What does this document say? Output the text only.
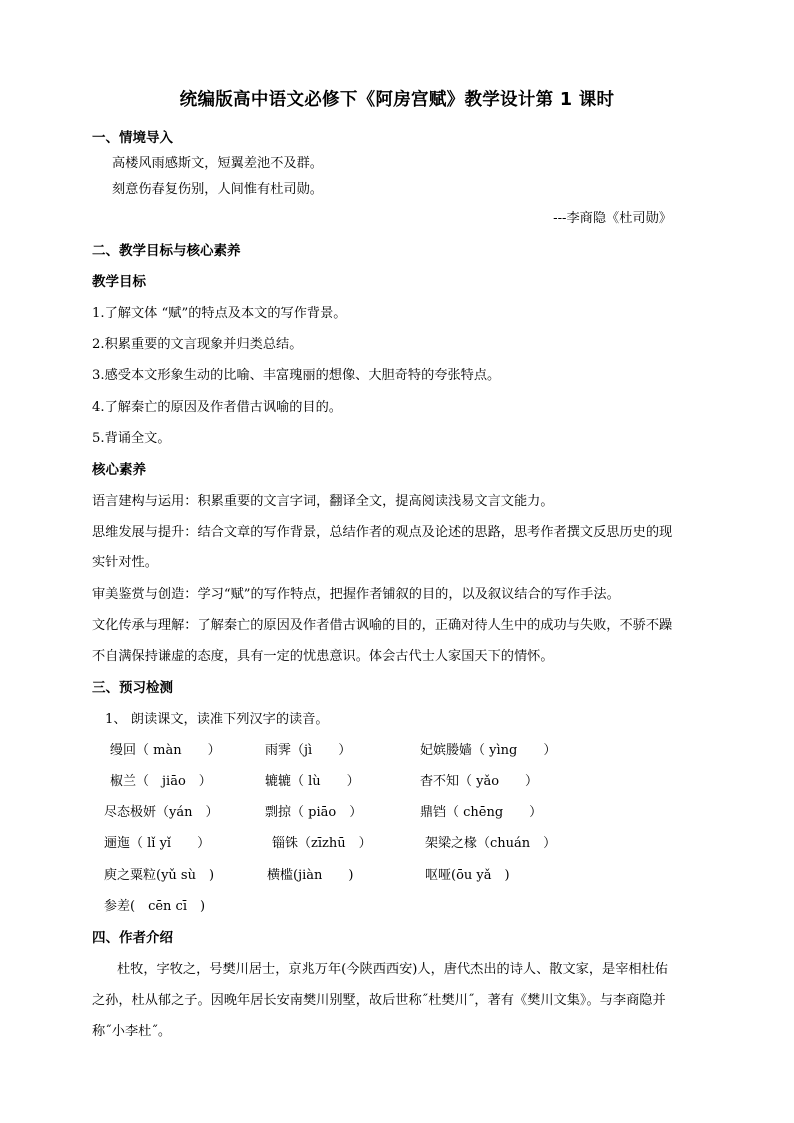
统编版高中语文必修下《阿房宫赋》教学设计第 1 课时
一、情境导入
高楼风雨感斯文，短翼差池不及群。
刻意伤春复伤别，人间惟有杜司勋。
---李商隐《杜司勋》
二、教学目标与核心素养
教学目标
1.了解文体 “赋”的特点及本文的写作背景。
2.积累重要的文言现象并归类总结。
3.感受本文形象生动的比喻、丰富瑰丽的想像、大胆奇特的夸张特点。
4.了解秦亡的原因及作者借古讽喻的目的。
5.背诵全文。
核心素养
语言建构与运用：积累重要的文言字词，翻译全文，提高阅读浅易文言文能力。
思维发展与提升：结合文章的写作背景，总结作者的观点及论述的思路，思考作者撰文反思历史的现
实针对性。
审美鉴赏与创造：学习“赋”的写作特点，把握作者铺叙的目的，以及叙议结合的写作手法。
文化传承与理解：了解秦亡的原因及作者借古讽喻的目的，正确对待人生中的成功与失败，不骄不躁
不自满保持谦虚的态度，具有一定的忧患意识。体会古代士人家国天下的情怀。
三、预习检测
1、 朗读课文，读准下列汉字的读音。
缦回（ màn　　）	雨霁（jì　　）	妃嫔媵嫱（ yìng　　）
椒兰（　jiāo　）	辘辘（ lù　　）	杳不知（ yǎo　　）
尽态极妍（yán　）	剽掠（ piāo　）	鼎铛（ chēng　　）
逦迤（ lǐ yǐ　　）	锱铢（zīzhū　）	架梁之椽（chuán　）
庾之粟粒(yǔ sù　)	横槛(jiàn　　)	呕哑(ōu yǎ　)
参差(　cēn cī　)
四、作者介绍
杜牧，字牧之，号樊川居士，京兆万年(今陕西西安)人，唐代杰出的诗人、散文家，是宰相杜佑
之孙，杜从郁之子。因晚年居长安南樊川别墅，故后世称˝杜樊川˝，著有《樊川文集》。与李商隐并
称˝小李杜˝。
